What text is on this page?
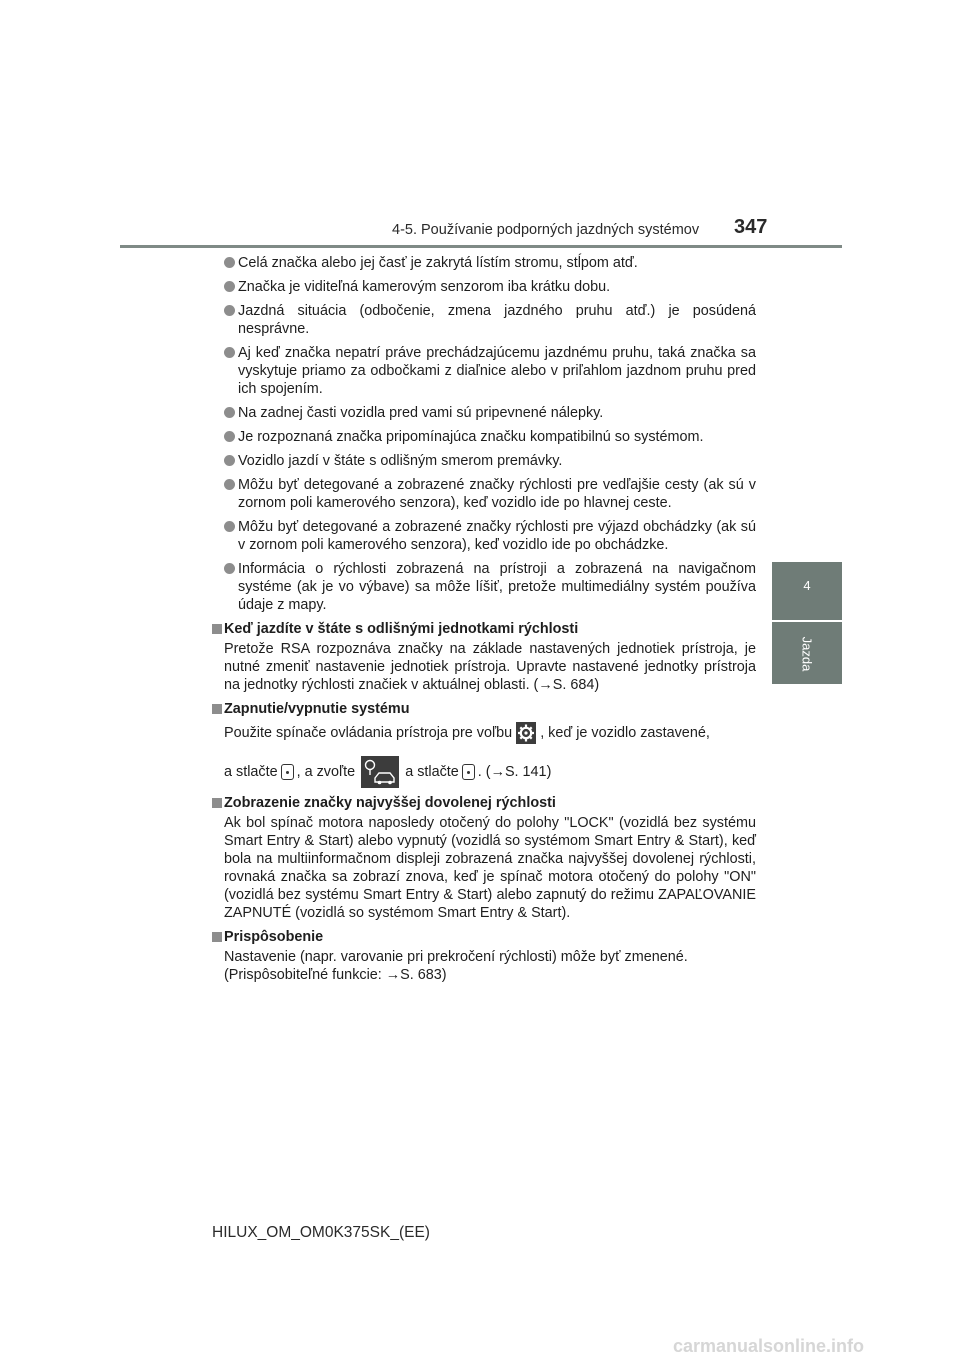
4-5. Používanie podporných jazdných systémov 347
4
Jazda
Celá značka alebo jej časť je zakrytá lístím stromu, stĺpom atď.
Značka je viditeľná kamerovým senzorom iba krátku dobu.
Jazdná situácia (odbočenie, zmena jazdného pruhu atď.) je posúdená nesprávne.
Aj keď značka nepatrí práve prechádzajúcemu jazdnému pruhu, taká značka sa vyskytuje priamo za odbočkami z diaľnice alebo v priľahlom jazdnom pruhu pred ich spojením.
Na zadnej časti vozidla pred vami sú pripevnené nálepky.
Je rozpoznaná značka pripomínajúca značku kompatibilnú so systémom.
Vozidlo jazdí v štáte s odlišným smerom premávky.
Môžu byť detegované a zobrazené značky rýchlosti pre vedľajšie cesty (ak sú v zornom poli kamerového senzora), keď vozidlo ide po hlavnej ceste.
Môžu byť detegované a zobrazené značky rýchlosti pre výjazd obchádzky (ak sú v zornom poli kamerového senzora), keď vozidlo ide po obchádzke.
Informácia o rýchlosti zobrazená na prístroji a zobrazená na navigačnom systéme (ak je vo výbave) sa môže líšiť, pretože multimediálny systém používa údaje z mapy.
Keď jazdíte v štáte s odlišnými jednotkami rýchlosti
Pretože RSA rozpoznáva značky na základe nastavených jednotiek prístroja, je nutné zmeniť nastavenie jednotiek prístroja. Upravte nastavené jednotky prístroja na jednotky rýchlosti značiek v aktuálnej oblasti. (→S. 684)
Zapnutie/vypnutie systému
Použite spínače ovládania prístroja pre voľbu , keď je vozidlo zastavené,
a stlačte , a zvoľte	a stlačte . (→S. 141)
Zobrazenie značky najvyššej dovolenej rýchlosti
Ak bol spínač motora naposledy otočený do polohy "LOCK" (vozidlá bez systému Smart Entry & Start) alebo vypnutý (vozidlá so systémom Smart Entry & Start), keď bola na multiinformačnom displeji zobrazená značka najvyššej dovolenej rýchlosti, rovnaká značka sa zobrazí znova, keď je spínač motora otočený do polohy "ON" (vozidlá bez systému Smart Entry & Start) alebo zapnutý do režimu ZAPAĽOVANIE ZAPNUTÉ (vozidlá so systémom Smart Entry & Start).
Prispôsobenie
Nastavenie (napr. varovanie pri prekročení rýchlosti) môže byť zmenené.
(Prispôsobiteľné funkcie: →S. 683)
HILUX_OM_OM0K375SK_(EE)
carmanualsonline.info
